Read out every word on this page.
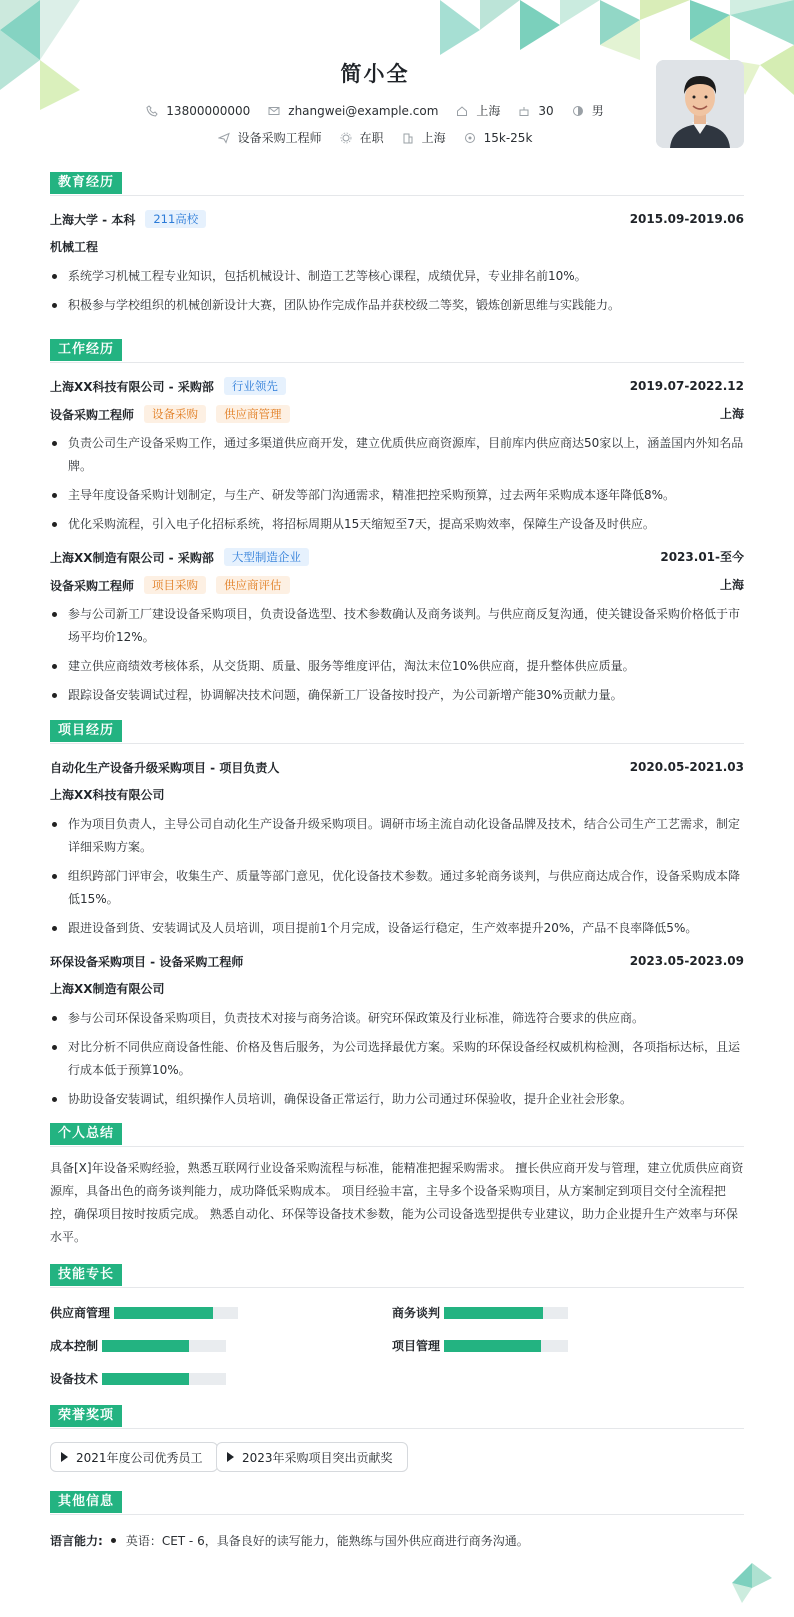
简小全
13800000000	zhangwei@example.com	上海	30	男
设备采购工程师	在职	上海	15k-25k
教育经历
上海大学 - 本科	211高校	2015.09-2019.06
机械工程
系统学习机械工程专业知识，包括机械设计、制造工艺等核心课程，成绩优异，专业排名前10%。
积极参与学校组织的机械创新设计大赛，团队协作完成作品并获校级二等奖，锻炼创新思维与实践能力。
工作经历
上海XX科技有限公司 - 采购部	行业领先	2019.07-2022.12
设备采购工程师	设备采购	供应商管理	上海
负责公司生产设备采购工作，通过多渠道供应商开发，建立优质供应商资源库，目前库内供应商达50家以上，涵盖国内外知名品牌。
主导年度设备采购计划制定，与生产、研发等部门沟通需求，精准把控采购预算，过去两年采购成本逐年降低8%。
优化采购流程，引入电子化招标系统，将招标周期从15天缩短至7天，提高采购效率，保障生产设备及时供应。
上海XX制造有限公司 - 采购部	大型制造企业	2023.01-至今
设备采购工程师	项目采购	供应商评估	上海
参与公司新工厂建设设备采购项目，负责设备选型、技术参数确认及商务谈判。与供应商反复沟通，使关键设备采购价格低于市场平均价12%。
建立供应商绩效考核体系，从交货期、质量、服务等维度评估，淘汰末位10%供应商，提升整体供应质量。
跟踪设备安装调试过程，协调解决技术问题，确保新工厂设备按时投产，为公司新增产能30%贡献力量。
项目经历
自动化生产设备升级采购项目 - 项目负责人	2020.05-2021.03
上海XX科技有限公司
作为项目负责人，主导公司自动化生产设备升级采购项目。调研市场主流自动化设备品牌及技术，结合公司生产工艺需求，制定详细采购方案。
组织跨部门评审会，收集生产、质量等部门意见，优化设备技术参数。通过多轮商务谈判，与供应商达成合作，设备采购成本降低15%。
跟进设备到货、安装调试及人员培训，项目提前1个月完成，设备运行稳定，生产效率提升20%，产品不良率降低5%。
环保设备采购项目 - 设备采购工程师	2023.05-2023.09
上海XX制造有限公司
参与公司环保设备采购项目，负责技术对接与商务洽谈。研究环保政策及行业标准，筛选符合要求的供应商。
对比分析不同供应商设备性能、价格及售后服务，为公司选择最优方案。采购的环保设备经权威机构检测，各项指标达标，且运行成本低于预算10%。
协助设备安装调试，组织操作人员培训，确保设备正常运行，助力公司通过环保验收，提升企业社会形象。
个人总结
具备[X]年设备采购经验，熟悉互联网行业设备采购流程与标准，能精准把握采购需求。 擅长供应商开发与管理，建立优质供应商资源库，具备出色的商务谈判能力，成功降低采购成本。 项目经验丰富，主导多个设备采购项目，从方案制定到项目交付全流程把控，确保项目按时按质完成。 熟悉自动化、环保等设备技术参数，能为公司设备选型提供专业建议，助力企业提升生产效率与环保水平。
技能专长
供应商管理	商务谈判
成本控制	项目管理
设备技术
荣誉奖项
2021年度公司优秀员工	2023年采购项目突出贡献奖
其他信息
语言能力: 英语：CET - 6，具备良好的读写能力，能熟练与国外供应商进行商务沟通。
